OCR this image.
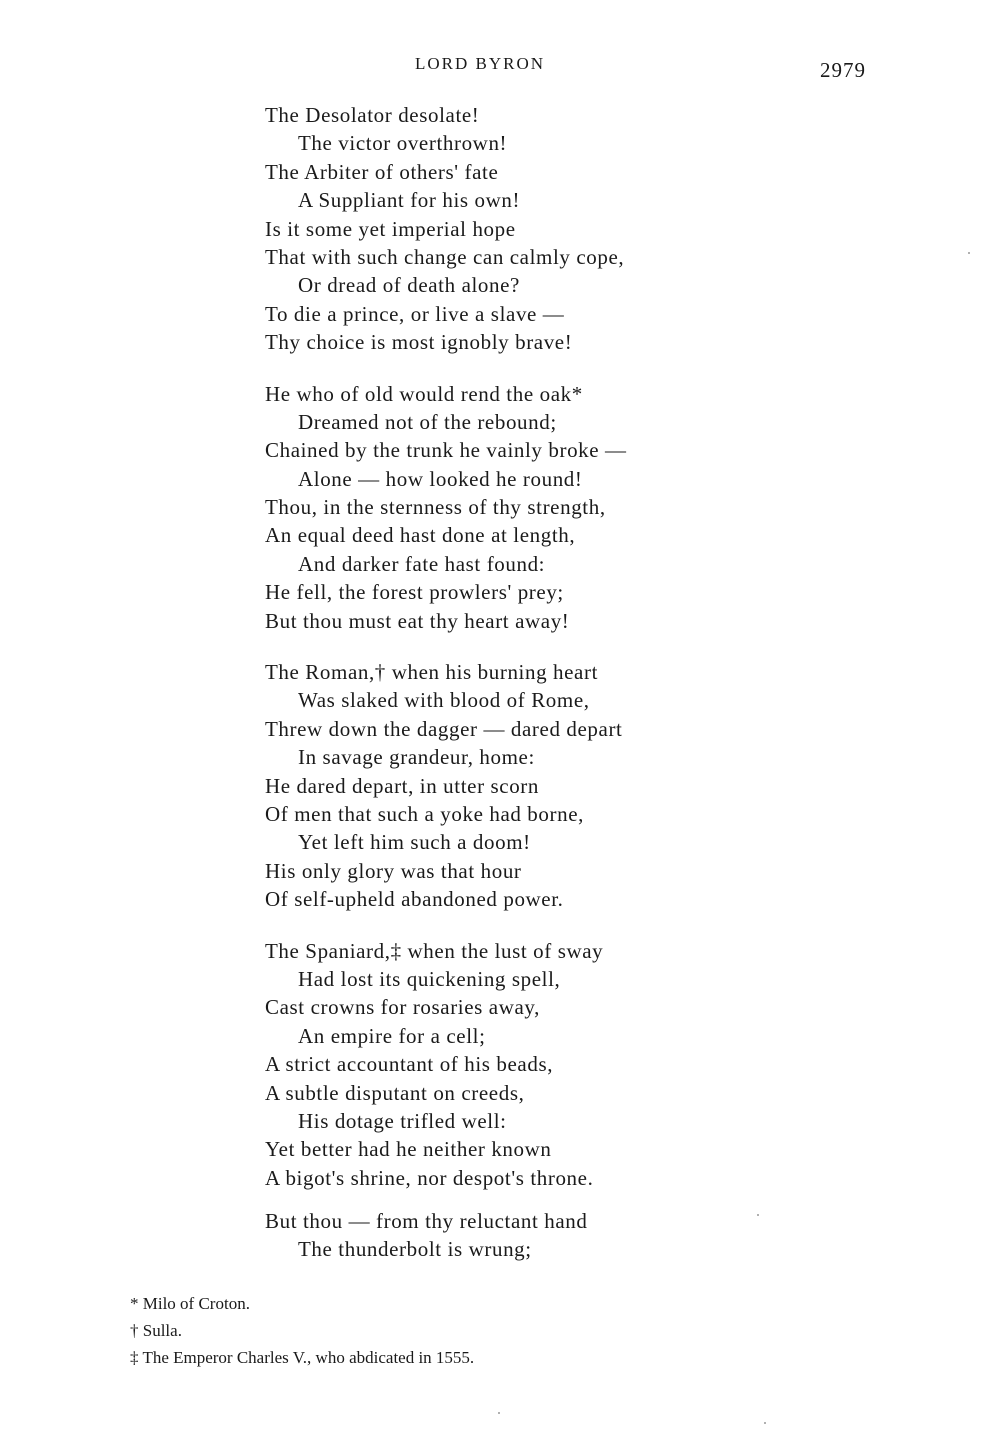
LORD BYRON	2979
The Desolator desolate!
The victor overthrown!
The Arbiter of others' fate
A Suppliant for his own!
Is it some yet imperial hope
That with such change can calmly cope,
Or dread of death alone?
To die a prince, or live a slave —
Thy choice is most ignobly brave!
He who of old would rend the oak*
Dreamed not of the rebound;
Chained by the trunk he vainly broke —
Alone — how looked he round!
Thou, in the sternness of thy strength,
An equal deed hast done at length,
And darker fate hast found:
He fell, the forest prowlers' prey;
But thou must eat thy heart away!
The Roman,† when his burning heart
Was slaked with blood of Rome,
Threw down the dagger — dared depart
In savage grandeur, home:
He dared depart, in utter scorn
Of men that such a yoke had borne,
Yet left him such a doom!
His only glory was that hour
Of self-upheld abandoned power.
The Spaniard,‡ when the lust of sway
Had lost its quickening spell,
Cast crowns for rosaries away,
An empire for a cell;
A strict accountant of his beads,
A subtle disputant on creeds,
His dotage trifled well:
Yet better had he neither known
A bigot's shrine, nor despot's throne.
But thou — from thy reluctant hand
The thunderbolt is wrung;
* Milo of Croton.
† Sulla.
‡ The Emperor Charles V., who abdicated in 1555.
